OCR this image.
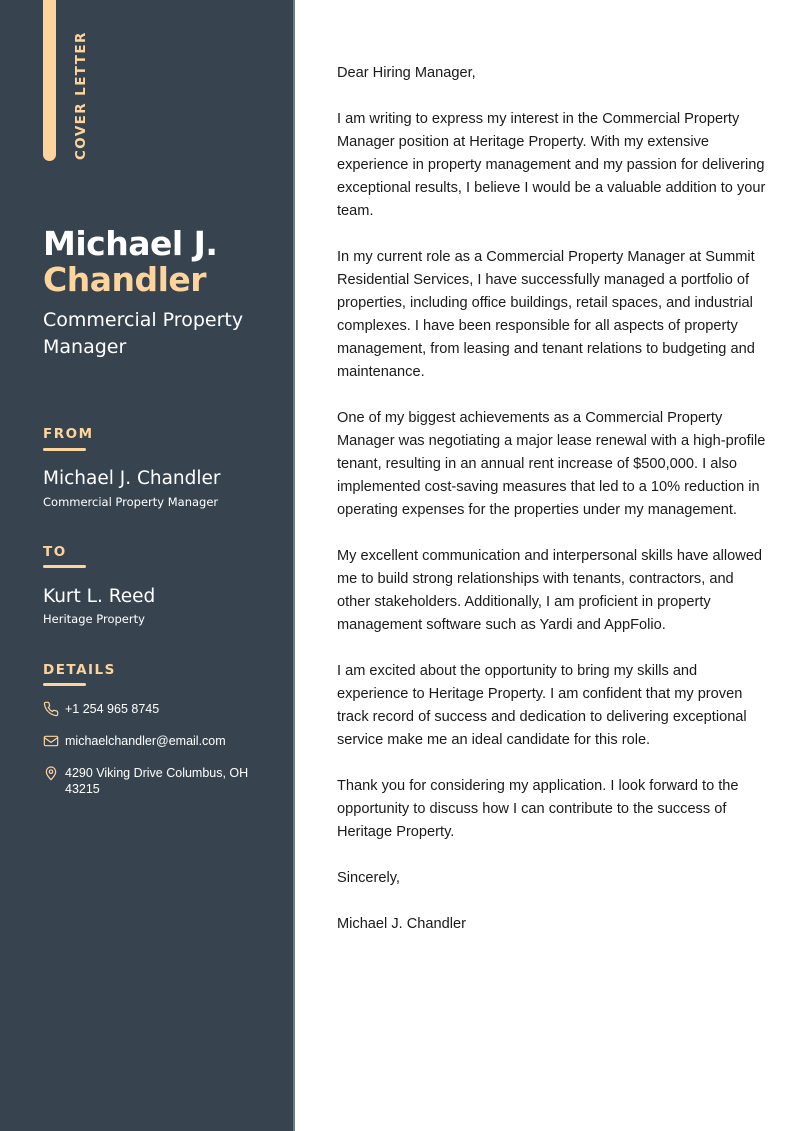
COVER LETTER
Michael J.
Chandler
Commercial Property Manager
FROM
Michael J. Chandler
Commercial Property Manager
TO
Kurt L. Reed
Heritage Property
DETAILS
+1 254 965 8745
michaelchandler@email.com
4290 Viking Drive Columbus, OH 43215

Dear Hiring Manager,

I am writing to express my interest in the Commercial Property Manager position at Heritage Property. With my extensive experience in property management and my passion for delivering exceptional results, I believe I would be a valuable addition to your team.

In my current role as a Commercial Property Manager at Summit Residential Services, I have successfully managed a portfolio of properties, including office buildings, retail spaces, and industrial complexes. I have been responsible for all aspects of property management, from leasing and tenant relations to budgeting and maintenance.

One of my biggest achievements as a Commercial Property Manager was negotiating a major lease renewal with a high-profile tenant, resulting in an annual rent increase of $500,000. I also implemented cost-saving measures that led to a 10% reduction in operating expenses for the properties under my management.

My excellent communication and interpersonal skills have allowed me to build strong relationships with tenants, contractors, and other stakeholders. Additionally, I am proficient in property management software such as Yardi and AppFolio.

I am excited about the opportunity to bring my skills and experience to Heritage Property. I am confident that my proven track record of success and dedication to delivering exceptional service make me an ideal candidate for this role.

Thank you for considering my application. I look forward to the opportunity to discuss how I can contribute to the success of Heritage Property.

Sincerely,

Michael J. Chandler
